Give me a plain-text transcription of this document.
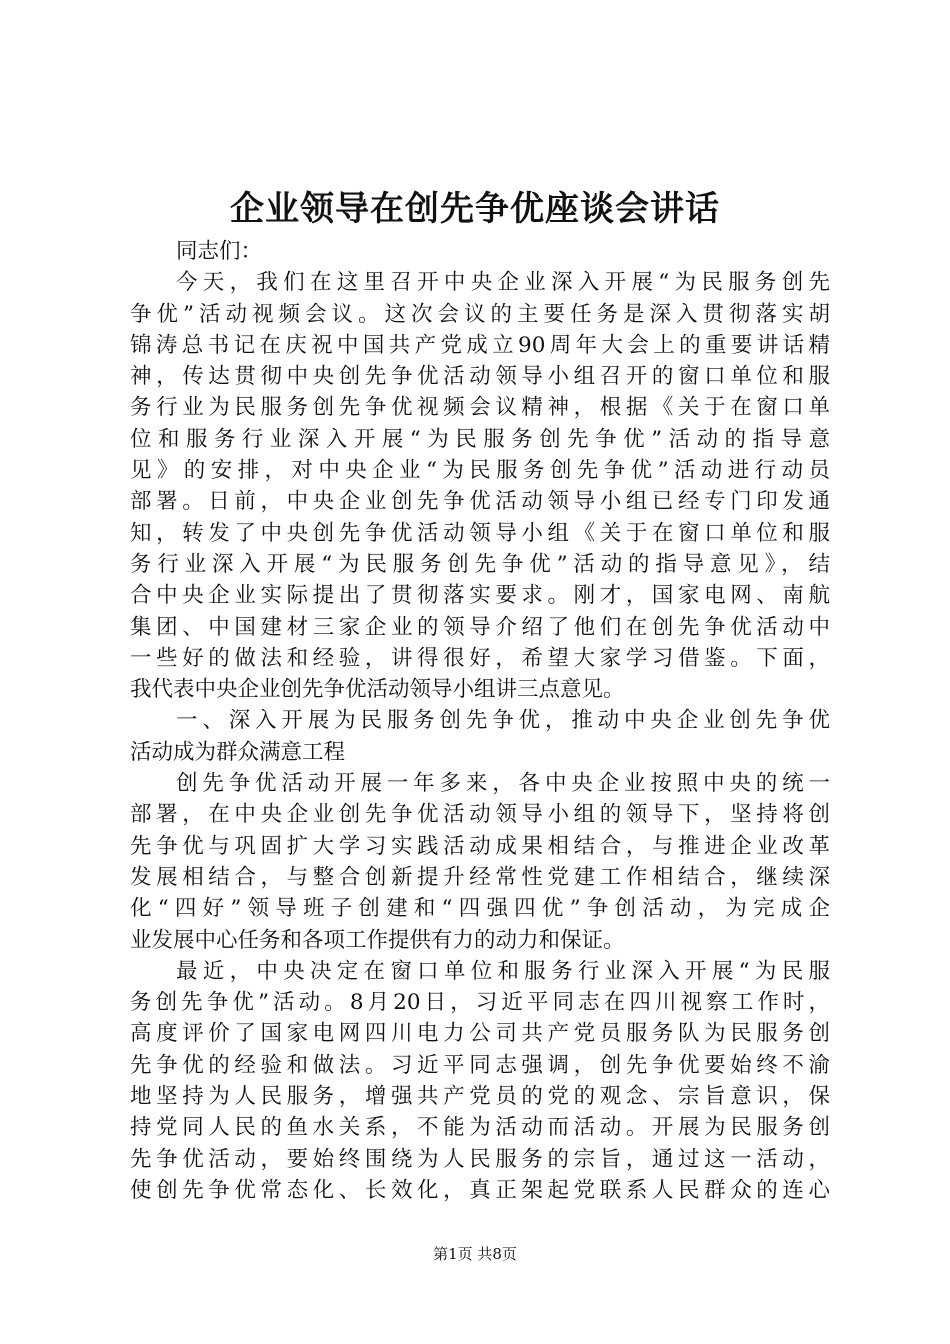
企业领导在创先争优座谈会讲话
同志们：
今天，我们在这里召开中央企业深入开展“为民服务创先
争优”活动视频会议。这次会议的主要任务是深入贯彻落实胡
锦涛总书记在庆祝中国共产党成立90周年大会上的重要讲话精
神，传达贯彻中央创先争优活动领导小组召开的窗口单位和服
务行业为民服务创先争优视频会议精神，根据《关于在窗口单
位和服务行业深入开展“为民服务创先争优”活动的指导意
见》的安排，对中央企业“为民服务创先争优”活动进行动员
部署。日前，中央企业创先争优活动领导小组已经专门印发通
知，转发了中央创先争优活动领导小组《关于在窗口单位和服
务行业深入开展“为民服务创先争优”活动的指导意见》，结
合中央企业实际提出了贯彻落实要求。刚才，国家电网、南航
集团、中国建材三家企业的领导介绍了他们在创先争优活动中
一些好的做法和经验，讲得很好，希望大家学习借鉴。下面，
我代表中央企业创先争优活动领导小组讲三点意见。
一、深入开展为民服务创先争优，推动中央企业创先争优
活动成为群众满意工程
创先争优活动开展一年多来，各中央企业按照中央的统一
部署，在中央企业创先争优活动领导小组的领导下，坚持将创
先争优与巩固扩大学习实践活动成果相结合，与推进企业改革
发展相结合，与整合创新提升经常性党建工作相结合，继续深
化“四好”领导班子创建和“四强四优”争创活动，为完成企
业发展中心任务和各项工作提供有力的动力和保证。
最近，中央决定在窗口单位和服务行业深入开展“为民服
务创先争优”活动。8月20日，习近平同志在四川视察工作时，
高度评价了国家电网四川电力公司共产党员服务队为民服务创
先争优的经验和做法。习近平同志强调，创先争优要始终不渝
地坚持为人民服务，增强共产党员的党的观念、宗旨意识，保
持党同人民的鱼水关系，不能为活动而活动。开展为民服务创
先争优活动，要始终围绕为人民服务的宗旨，通过这一活动，
使创先争优常态化、长效化，真正架起党联系人民群众的连心
第1页 共8页
